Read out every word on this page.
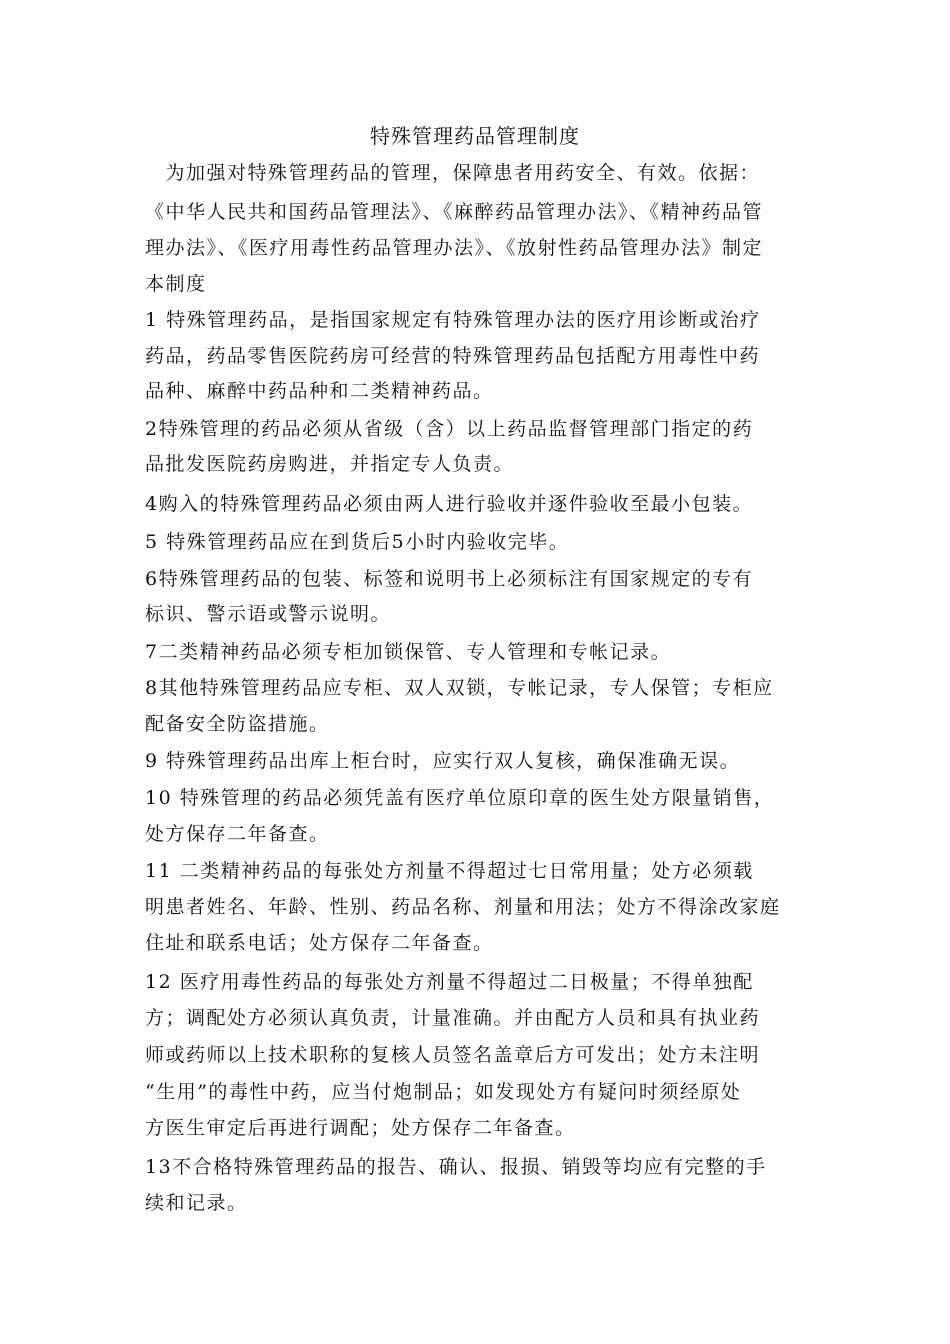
特殊管理药品管理制度
　为加强对特殊管理药品的管理，保障患者用药安全、有效。依据：
《中华人民共和国药品管理法》、《麻醉药品管理办法》、《精神药品管
理办法》、《医疗用毒性药品管理办法》、《放射性药品管理办法》制定
本制度
1 特殊管理药品，是指国家规定有特殊管理办法的医疗用诊断或治疗
药品，药品零售医院药房可经营的特殊管理药品包括配方用毒性中药
品种、麻醉中药品种和二类精神药品。
2特殊管理的药品必须从省级（含）以上药品监督管理部门指定的药
品批发医院药房购进，并指定专人负责。
4购入的特殊管理药品必须由两人进行验收并逐件验收至最小包装。
5 特殊管理药品应在到货后5小时内验收完毕。
6特殊管理药品的包装、标签和说明书上必须标注有国家规定的专有
标识、警示语或警示说明。
7二类精神药品必须专柜加锁保管、专人管理和专帐记录。
8其他特殊管理药品应专柜、双人双锁，专帐记录，专人保管；专柜应
配备安全防盗措施。
9 特殊管理药品出库上柜台时，应实行双人复核，确保准确无误。
10 特殊管理的药品必须凭盖有医疗单位原印章的医生处方限量销售，
处方保存二年备查。
11 二类精神药品的每张处方剂量不得超过七日常用量；处方必须载
明患者姓名、年龄、性别、药品名称、剂量和用法；处方不得涂改家庭
住址和联系电话；处方保存二年备查。
12 医疗用毒性药品的每张处方剂量不得超过二日极量；不得单独配
方；调配处方必须认真负责，计量准确。并由配方人员和具有执业药
师或药师以上技术职称的复核人员签名盖章后方可发出；处方未注明
“生用”的毒性中药，应当付炮制品；如发现处方有疑问时须经原处
方医生审定后再进行调配；处方保存二年备查。
13不合格特殊管理药品的报告、确认、报损、销毁等均应有完整的手
续和记录。
